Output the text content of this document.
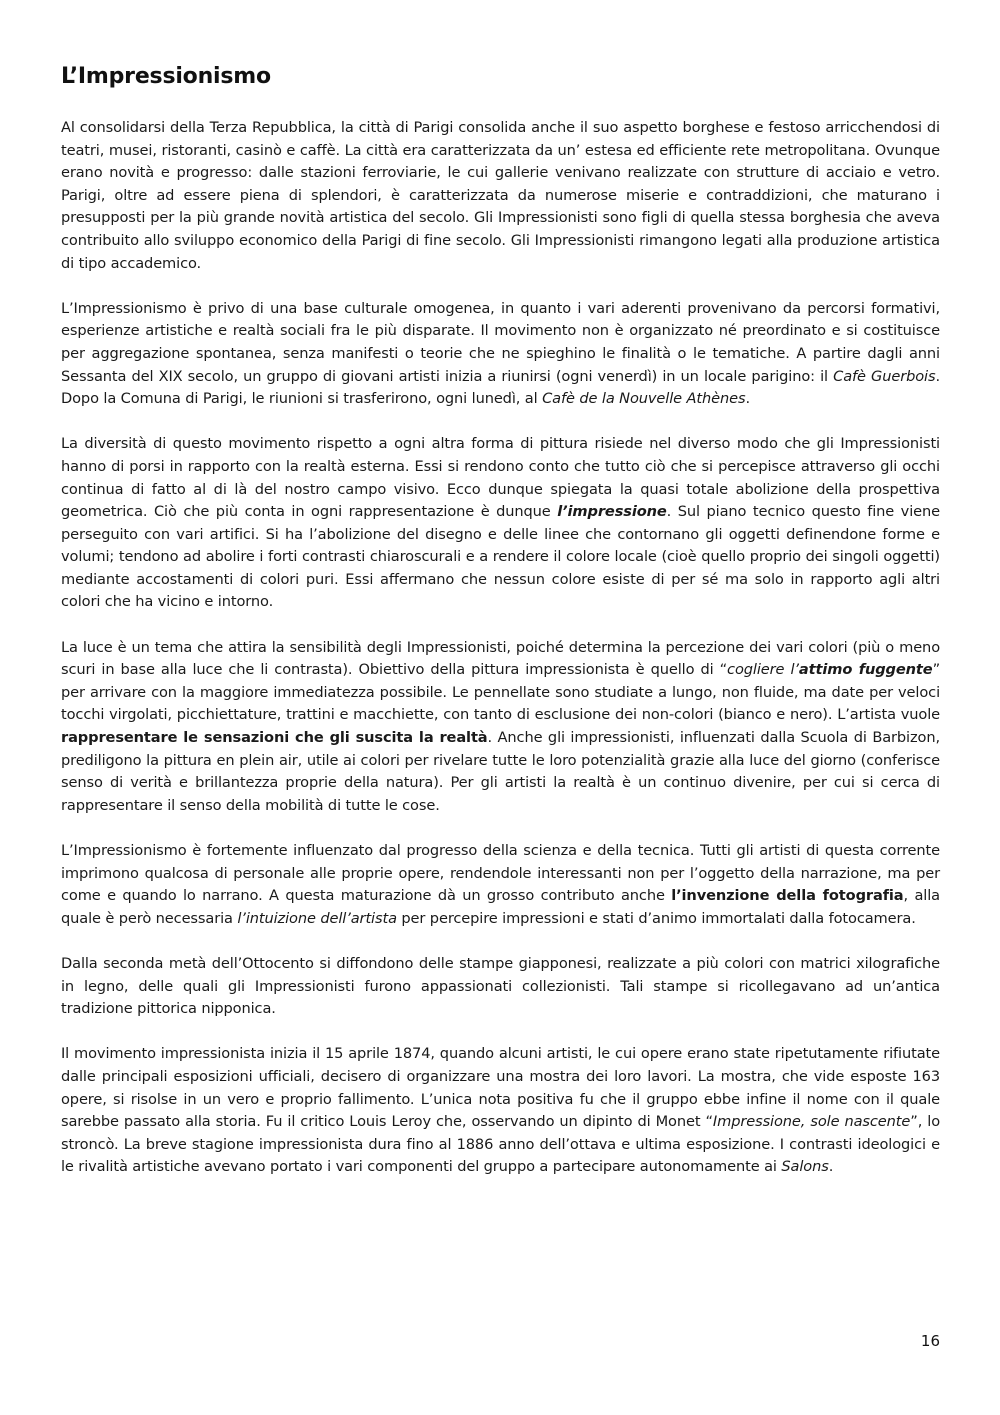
L’Impressionismo

Al consolidarsi della Terza Repubblica, la città di Parigi consolida anche il suo aspetto borghese e festoso arricchendosi di teatri, musei, ristoranti, casinò e caffè. La città era caratterizzata da un’ estesa ed efficiente rete metropolitana. Ovunque erano novità e progresso: dalle stazioni ferroviarie, le cui gallerie venivano realizzate con strutture di acciaio e vetro. Parigi, oltre ad essere piena di splendori, è caratterizzata da numerose miserie e contraddizioni, che maturano i presupposti per la più grande novità artistica del secolo. Gli Impressionisti sono figli di quella stessa borghesia che aveva contribuito allo sviluppo economico della Parigi di fine secolo. Gli Impressionisti rimangono legati alla produzione artistica di tipo accademico.

L’Impressionismo è privo di una base culturale omogenea, in quanto i vari aderenti provenivano da percorsi formativi, esperienze artistiche e realtà sociali fra le più disparate. Il movimento non è organizzato né preordinato e si costituisce per aggregazione spontanea, senza manifesti o teorie che ne spieghino le finalità o le tematiche. A partire dagli anni Sessanta del XIX secolo, un gruppo di giovani artisti inizia a riunirsi (ogni venerdì) in un locale parigino: il Cafè Guerbois. Dopo la Comuna di Parigi, le riunioni si trasferirono, ogni lunedì, al Cafè de la Nouvelle Athènes.

La diversità di questo movimento rispetto a ogni altra forma di pittura risiede nel diverso modo che gli Impressionisti hanno di porsi in rapporto con la realtà esterna. Essi si rendono conto che tutto ciò che si percepisce attraverso gli occhi continua di fatto al di là del nostro campo visivo. Ecco dunque spiegata la quasi totale abolizione della prospettiva geometrica. Ciò che più conta in ogni rappresentazione è dunque l’impressione. Sul piano tecnico questo fine viene perseguito con vari artifici. Si ha l’abolizione del disegno e delle linee che contornano gli oggetti definendone forme e volumi; tendono ad abolire i forti contrasti chiaroscurali e a rendere il colore locale (cioè quello proprio dei singoli oggetti) mediante accostamenti di colori puri. Essi affermano che nessun colore esiste di per sé ma solo in rapporto agli altri colori che ha vicino e intorno.

La luce è un tema che attira la sensibilità degli Impressionisti, poiché determina la percezione dei vari colori (più o meno scuri in base alla luce che li contrasta). Obiettivo della pittura impressionista è quello di “cogliere l’attimo fuggente” per arrivare con la maggiore immediatezza possibile. Le pennellate sono studiate a lungo, non fluide, ma date per veloci tocchi virgolati, picchiettature, trattini e macchiette, con tanto di esclusione dei non-colori (bianco e nero). L’artista vuole rappresentare le sensazioni che gli suscita la realtà. Anche gli impressionisti, influenzati dalla Scuola di Barbizon, prediligono la pittura en plein air, utile ai colori per rivelare tutte le loro potenzialità grazie alla luce del giorno (conferisce senso di verità e brillantezza proprie della natura). Per gli artisti la realtà è un continuo divenire, per cui si cerca di rappresentare il senso della mobilità di tutte le cose.

L’Impressionismo è fortemente influenzato dal progresso della scienza e della tecnica. Tutti gli artisti di questa corrente imprimono qualcosa di personale alle proprie opere, rendendole interessanti non per l’oggetto della narrazione, ma per come e quando lo narrano. A questa maturazione dà un grosso contributo anche l’invenzione della fotografia, alla quale è però necessaria l’intuizione dell’artista per percepire impressioni e stati d’animo immortalati dalla fotocamera.

Dalla seconda metà dell’Ottocento si diffondono delle stampe giapponesi, realizzate a più colori con matrici xilografiche in legno, delle quali gli Impressionisti furono appassionati collezionisti. Tali stampe si ricollegavano ad un’antica tradizione pittorica nipponica.

Il movimento impressionista inizia il 15 aprile 1874, quando alcuni artisti, le cui opere erano state ripetutamente rifiutate dalle principali esposizioni ufficiali, decisero di organizzare una mostra dei loro lavori. La mostra, che vide esposte 163 opere, si risolse in un vero e proprio fallimento. L’unica nota positiva fu che il gruppo ebbe infine il nome con il quale sarebbe passato alla storia. Fu il critico Louis Leroy che, osservando un dipinto di Monet “Impressione, sole nascente”, lo stroncò. La breve stagione impressionista dura fino al 1886 anno dell’ottava e ultima esposizione. I contrasti ideologici e le rivalità artistiche avevano portato i vari componenti del gruppo a partecipare autonomamente ai Salons.

16
